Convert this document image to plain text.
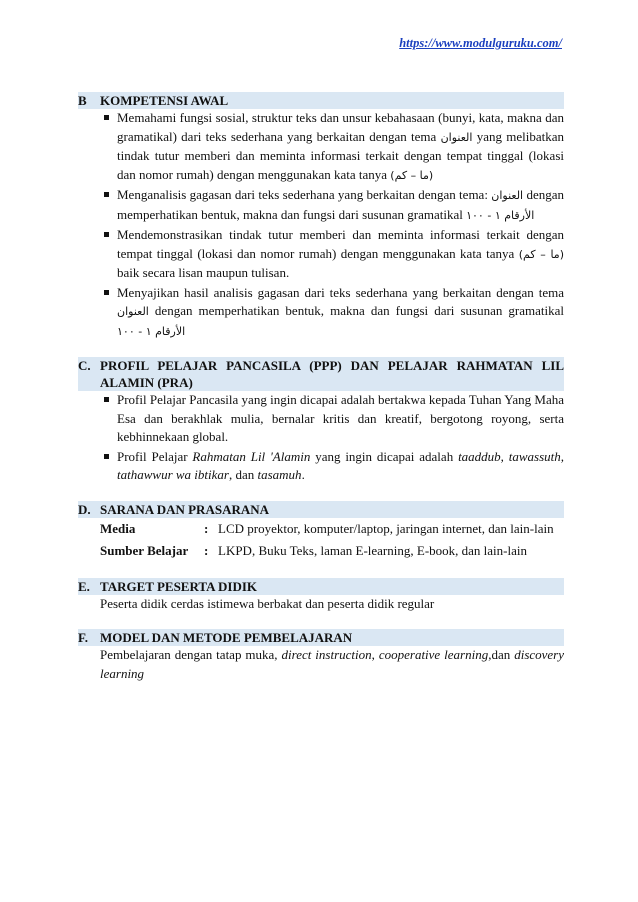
https://www.modulguruku.com/
B	KOMPETENSI AWAL
Memahami fungsi sosial, struktur teks dan unsur kebahasaan (bunyi, kata, makna dan gramatikal) dari teks sederhana yang berkaitan dengan tema العنوان yang melibatkan tindak tutur memberi dan meminta informasi terkait dengan tempat tinggal (lokasi dan nomor rumah) dengan menggunakan kata tanya (ما – كم)
Menganalisis gagasan dari teks sederhana yang berkaitan dengan tema: العنوان dengan memperhatikan bentuk, makna dan fungsi dari susunan gramatikal الأرقام ١ - ١٠٠
Mendemonstrasikan tindak tutur memberi dan meminta informasi terkait dengan tempat tinggal (lokasi dan nomor rumah) dengan menggunakan kata tanya (ما – كم) baik secara lisan maupun tulisan.
Menyajikan hasil analisis gagasan dari teks sederhana yang berkaitan dengan tema العنوان dengan memperhatikan bentuk, makna dan fungsi dari susunan gramatikal الأرقام ١ - ١٠٠
C. PROFIL PELAJAR PANCASILA (PPP) DAN PELAJAR RAHMATAN LIL ALAMIN (PRA)
Profil Pelajar Pancasila yang ingin dicapai adalah bertakwa kepada Tuhan Yang Maha Esa dan berakhlak mulia, bernalar kritis dan kreatif, bergotong royong, serta kebhinnekaan global.
Profil Pelajar Rahmatan Lil 'Alamin yang ingin dicapai adalah taaddub, tawassuth, tathawwur wa ibtikar, dan tasamuh.
D. SARANA DAN PRASARANA
Media	: LCD proyektor, komputer/laptop, jaringan internet, dan lain-lain
Sumber Belajar	: LKPD, Buku Teks, laman E-learning, E-book, dan lain-lain
E. TARGET PESERTA DIDIK

Peserta didik cerdas istimewa berbakat dan peserta didik regular

F. MODEL DAN METODE PEMBELAJARAN

Pembelajaran dengan tatap muka, direct instruction, cooperative learning,dan discovery learning
